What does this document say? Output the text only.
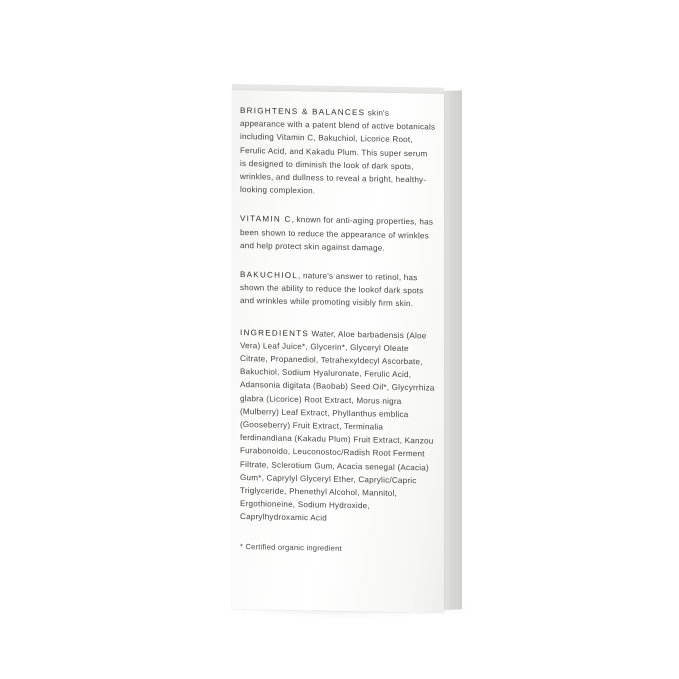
BRIGHTENS & BALANCES skin's appearance with a patent blend of active botanicals including Vitamin C, Bakuchiol, Licorice Root, Ferulic Acid, and Kakadu Plum. This super serum is designed to diminish the look of dark spots, wrinkles, and dullness to reveal a bright, healthy-looking complexion.

VITAMIN C, known for anti-aging properties, has been shown to reduce the appearance of wrinkles and help protect skin against damage.

BAKUCHIOL, nature's answer to retinol, has shown the ability to reduce the lookof dark spots and wrinkles while promoting visibly firm skin.

INGREDIENTS Water, Aloe barbadensis (Aloe Vera) Leaf Juice*, Glycerin*, Glyceryl Oleate Citrate, Propanediol, Tetrahexyldecyl Ascorbate, Bakuchiol, Sodium Hyaluronate, Ferulic Acid, Adansonia digitata (Baobab) Seed Oil*, Glycyrrhiza glabra (Licorice) Root Extract, Morus nigra (Mulberry) Leaf Extract, Phyllanthus emblica (Gooseberry) Fruit Extract, Terminalia ferdinandiana (Kakadu Plum) Fruit Extract, Kanzou Furabonoido, Leuconostoc/Radish Root Ferment Filtrate, Sclerotium Gum, Acacia senegal (Acacia) Gum*, Caprylyl Glyceryl Ether, Caprylic/Capric Triglyceride, Phenethyl Alcohol, Mannitol, Ergothioneine, Sodium Hydroxide, Caprylhydroxamic Acid

* Certified organic ingredient
